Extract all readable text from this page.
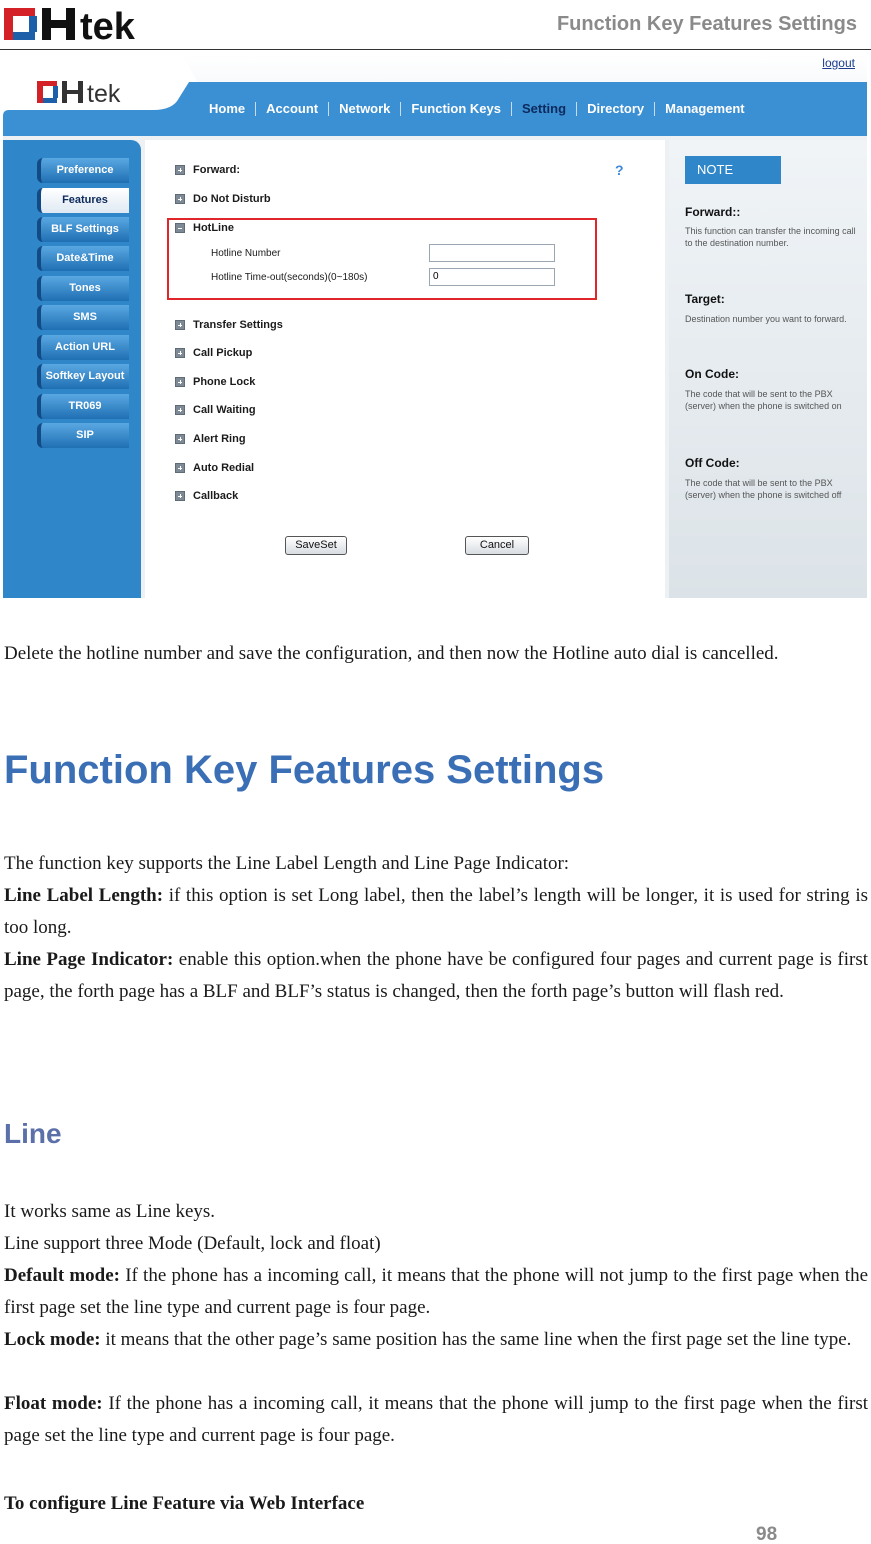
tek	Function Key Features Settings
logout
tek
Home	Account	Network	Function Keys	Setting	Directory	Management
Preference
Features
BLF Settings
Date&Time
Tones
SMS
Action URL
Softkey Layout
TR069
SIP
?
Forward:
Do Not Disturb
HotLine
Hotline Number
Hotline Time-out(seconds)(0~180s)	0
Transfer Settings
Call Pickup
Phone Lock
Call Waiting
Alert Ring
Auto Redial
Callback
SaveSet	Cancel
NOTE
Forward::
This function can transfer the incoming call to the destination number.
Target:
Destination number you want to forward.
On Code:
The code that will be sent to the PBX (server) when the phone is switched on
Off Code:
The code that will be sent to the PBX (server) when the phone is switched off
Delete the hotline number and save the configuration, and then now the Hotline auto dial is cancelled.
Function Key Features Settings
The function key supports the Line Label Length and Line Page Indicator:
Line Label Length: if this option is set Long label, then the label’s length will be longer, it is used for string is too long.
Line Page Indicator: enable this option.when the phone have be configured four pages and current page is first page, the forth page has a BLF and BLF’s status is changed, then the forth page’s button will flash red.
Line
It works same as Line keys.
Line support three Mode (Default, lock and float)
Default mode: If the phone has a incoming call, it means that the phone will not jump to the first page when the first page set the line type and current page is four page.
Lock mode: it means that the other page’s same position has the same line when the first page set the line type.
Float mode: If the phone has a incoming call, it means that the phone will jump to the first page when the first page set the line type and current page is four page.
To configure Line Feature via Web Interface
98
